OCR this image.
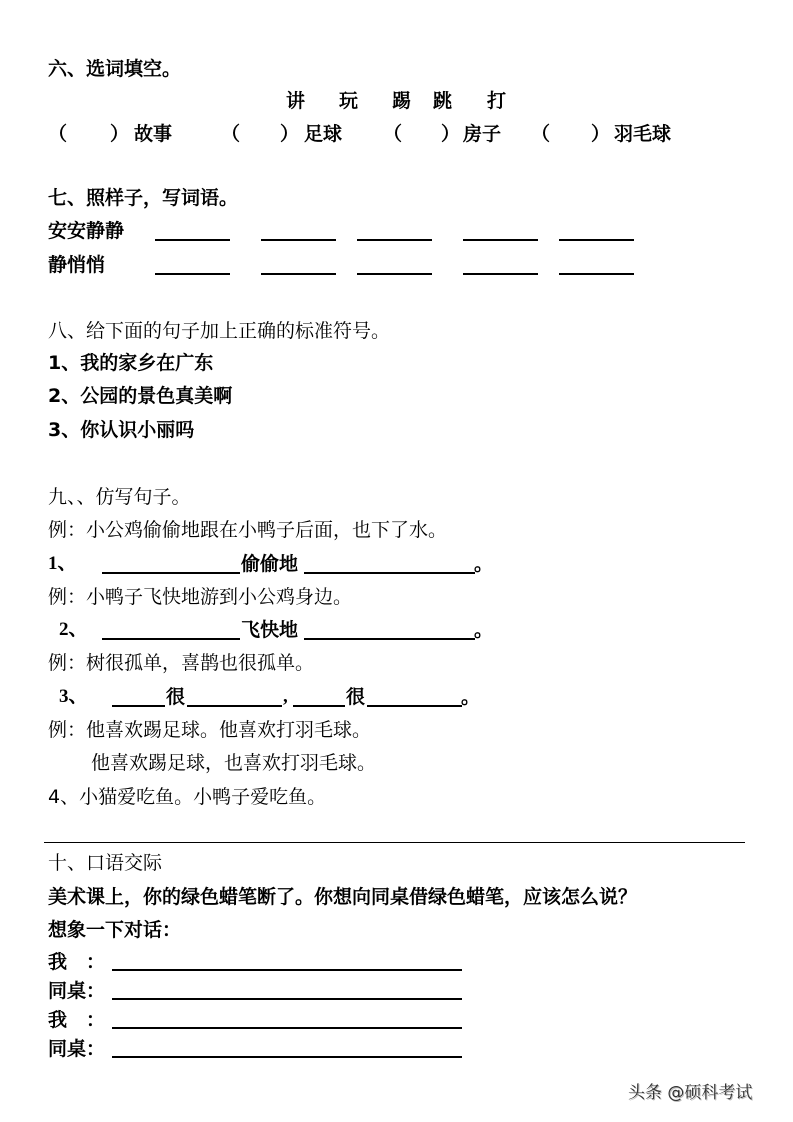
六、选词填空。
讲 玩 踢 跳 打
（ ） 故事	（ ） 足球 （ ） 房子 （ ） 羽毛球
七、照样子，写词语。
安安静静
静悄悄
八、给下面的句子加上正确的标准符号。
1、我的家乡在广东
2、公园的景色真美啊
3、你认识小丽吗
九、、仿写句子。
例：小公鸡偷偷地跟在小鸭子后面，也下了水。
1、	偷偷地	。
例：小鸭子飞快地游到小公鸡身边。
2、	飞快地	。
例：树很孤单，喜鹊也很孤单。
3、	很	,	很	。
例：他喜欢踢足球。他喜欢打羽毛球。
他喜欢踢足球，也喜欢打羽毛球。
4、小猫爱吃鱼。小鸭子爱吃鱼。
十、口语交际
美术课上，你的绿色蜡笔断了。你想向同桌借绿色蜡笔，应该怎么说？
想象一下对话：
我　：
同桌：
我　：
同桌：
头条 @硕科考试
